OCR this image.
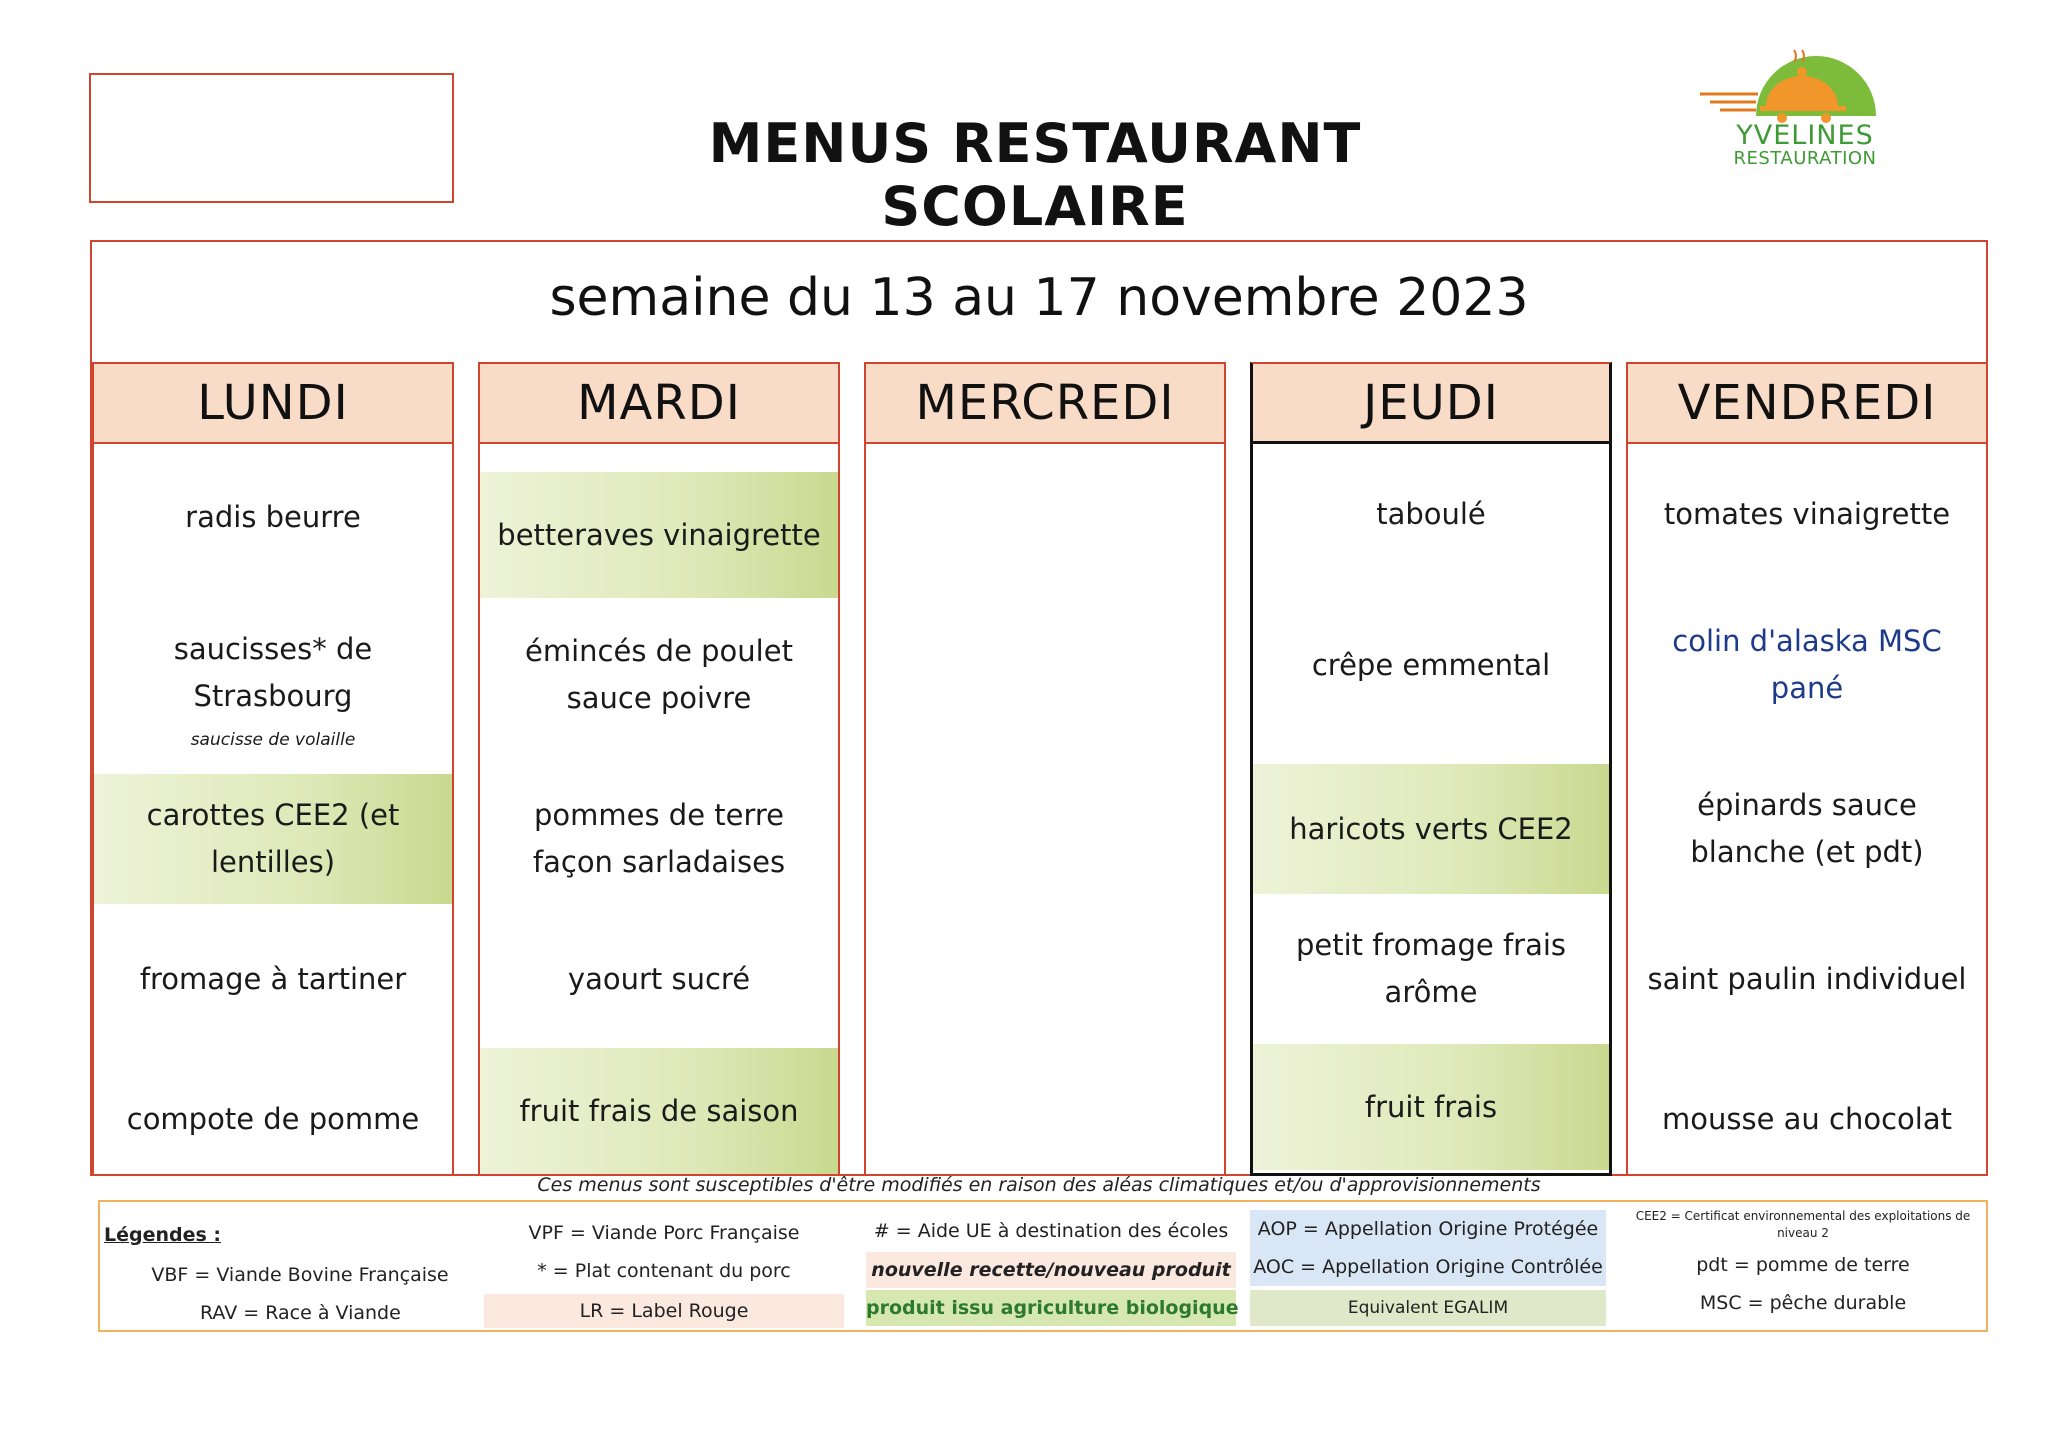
MENUS RESTAURANT SCOLAIRE
YVELINES
RESTAURATION
semaine du 13 au 17 novembre 2023
LUNDI
radis beurre
saucisses* de Strasbourg
saucisse de volaille
carottes CEE2 (et lentilles)
fromage à tartiner
compote de pomme
MARDI
betteraves vinaigrette
émincés de poulet sauce poivre
pommes de terre façon sarladaises
yaourt sucré
fruit frais de saison
MERCREDI	JEUDI
taboulé
crêpe emmental
haricots verts CEE2
petit fromage frais arôme
fruit frais
VENDREDI
tomates vinaigrette
colin d'alaska MSC pané
épinards sauce blanche (et pdt)
saint paulin individuel
mousse au chocolat
Ces menus sont susceptibles d'être modifiés en raison des aléas climatiques et/ou d'approvisionnements
Légendes :
VBF = Viande Bovine Française
RAV = Race à Viande
VPF = Viande Porc Française
* = Plat contenant du porc
LR = Label Rouge
# = Aide UE à destination des écoles
nouvelle recette/nouveau produit
produit issu agriculture biologique
AOP = Appellation Origine Protégée
AOC = Appellation Origine Contrôlée
Equivalent EGALIM
CEE2 = Certificat environnemental des exploitations de niveau 2
pdt = pomme de terre
MSC = pêche durable
